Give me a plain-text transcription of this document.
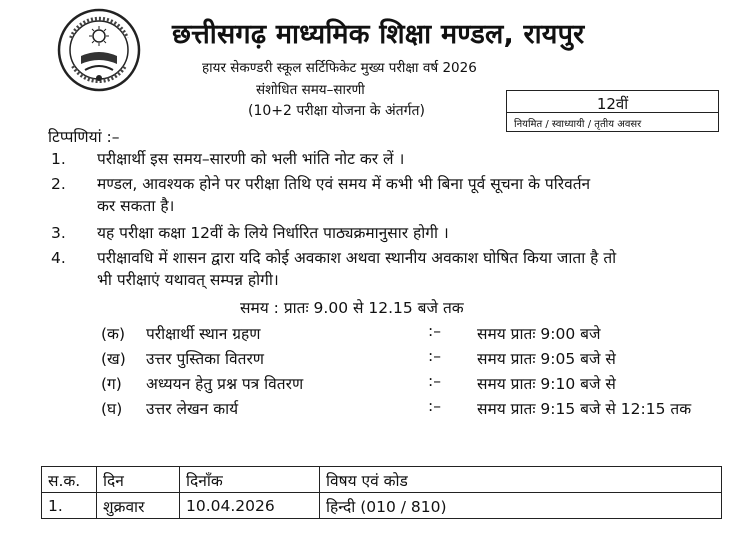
छत्तीसगढ़ माध्यमिक शिक्षा मण्डल, रायपुर
हायर सेकण्डरी स्कूल सर्टिफिकेट मुख्य परीक्षा वर्ष 2026
संशोधित समय–सारणी
(10+2 परीक्षा योजना के अंतर्गत)	12वीं
नियमित / स्वाध्यायी / तृतीय अवसर
टिप्पणियां :–
1. परीक्षार्थी इस समय–सारणी को भली भांति नोट कर लें ।
2. मण्डल, आवश्यक होने पर परीक्षा तिथि एवं समय में कभी भी बिना पूर्व सूचना के परिवर्तन
कर सकता है।
3. यह परीक्षा कक्षा 12वीं के लिये निर्धारित पाठ्यक्रमानुसार होगी ।
4. परीक्षावधि में शासन द्वारा यदि कोई अवकाश अथवा स्थानीय अवकाश घोषित किया जाता है तो
भी परीक्षाएं यथावत् सम्पन्न होगी।
समय : प्रातः 9.00 से 12.15 बजे तक
(क) परीक्षार्थी स्थान ग्रहण	:– समय प्रातः 9:00 बजे
(ख) उत्तर पुस्तिका वितरण	:– समय प्रातः 9:05 बजे से
(ग) अध्ययन हेतु प्रश्न पत्र वितरण	:– समय प्रातः 9:10 बजे से
(घ) उत्तर लेखन कार्य	:– समय प्रातः 9:15 बजे से 12:15 तक
स.क.	दिन	दिनाँक	विषय एवं कोड
1.	शुक्रवार	10.04.2026	हिन्दी (010 / 810)
